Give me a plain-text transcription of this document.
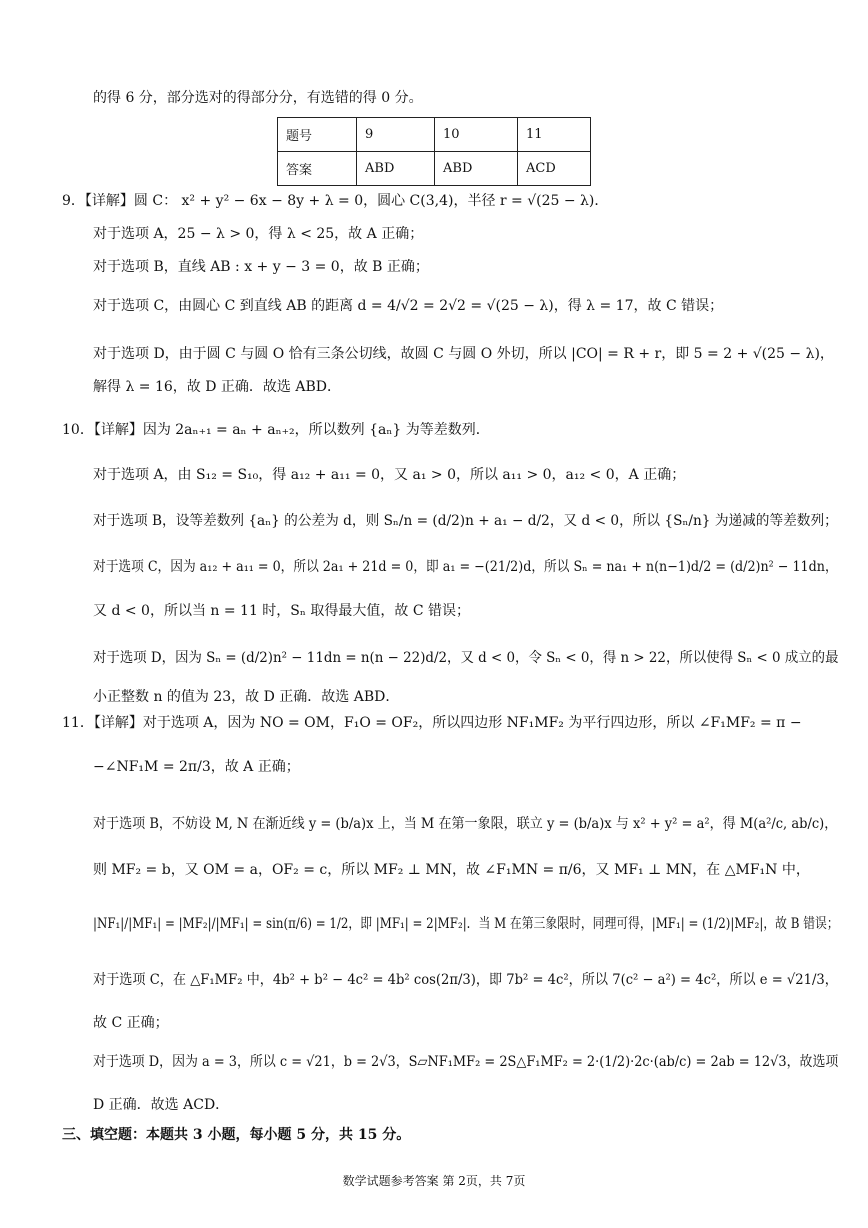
的得 6 分，部分选对的得部分分，有选错的得 0 分。
题号	9	10	11
答案	ABD	ABD	ACD
9．【详解】圆 C： x² + y² − 6x − 8y + λ = 0，圆心 C(3,4)，半径 r = √(25 − λ)．
对于选项 A，25 − λ > 0，得 λ < 25，故 A 正确；
对于选项 B，直线 AB : x + y − 3 = 0，故 B 正确；
对于选项 C，由圆心 C 到直线 AB 的距离 d = 4/√2 = 2√2 = √(25 − λ)，得 λ = 17，故 C 错误；
对于选项 D，由于圆 C 与圆 O 恰有三条公切线，故圆 C 与圆 O 外切，所以 |CO| = R + r，即 5 = 2 + √(25 − λ)，
解得 λ = 16，故 D 正确．故选 ABD．
10．【详解】因为 2aₙ₊₁ = aₙ + aₙ₊₂，所以数列 {aₙ} 为等差数列．
对于选项 A，由 S₁₂ = S₁₀，得 a₁₂ + a₁₁ = 0，又 a₁ > 0，所以 a₁₁ > 0，a₁₂ < 0，A 正确；
对于选项 B，设等差数列 {aₙ} 的公差为 d，则 Sₙ/n = (d/2)n + a₁ − d/2，又 d < 0，所以 {Sₙ/n} 为递减的等差数列；
对于选项 C，因为 a₁₂ + a₁₁ = 0，所以 2a₁ + 21d = 0，即 a₁ = −(21/2)d，所以 Sₙ = na₁ + n(n−1)d/2 = (d/2)n² − 11dn，
又 d < 0，所以当 n = 11 时，Sₙ 取得最大值，故 C 错误；
对于选项 D，因为 Sₙ = (d/2)n² − 11dn = n(n − 22)d/2，又 d < 0，令 Sₙ < 0，得 n > 22，所以使得 Sₙ < 0 成立的最
小正整数 n 的值为 23，故 D 正确．故选 ABD．
11．【详解】对于选项 A，因为 NO = OM，F₁O = OF₂，所以四边形 NF₁MF₂ 为平行四边形，所以 ∠F₁MF₂ = π −
−∠NF₁M = 2π/3，故 A 正确；
对于选项 B，不妨设 M, N 在渐近线 y = (b/a)x 上，当 M 在第一象限，联立 y = (b/a)x 与 x² + y² = a²，得 M(a²/c, ab/c)，
则 MF₂ = b，又 OM = a，OF₂ = c，所以 MF₂ ⊥ MN，故 ∠F₁MN = π/6，又 MF₁ ⊥ MN，在 △MF₁N 中，
|NF₁|/|MF₁| = |MF₂|/|MF₁| = sin(π/6) = 1/2，即 |MF₁| = 2|MF₂|．当 M 在第三象限时，同理可得，|MF₁| = (1/2)|MF₂|，故 B 错误；
对于选项 C，在 △F₁MF₂ 中，4b² + b² − 4c² = 4b² cos(2π/3)，即 7b² = 4c²，所以 7(c² − a²) = 4c²，所以 e = √21/3，
故 C 正确；
对于选项 D，因为 a = 3，所以 c = √21，b = 2√3，S▱NF₁MF₂ = 2S△F₁MF₂ = 2·(1/2)·2c·(ab/c) = 2ab = 12√3，故选项
D 正确．故选 ACD．
三、填空题：本题共 3 小题，每小题 5 分，共 15 分。
数学试题参考答案 第 2页，共 7页
